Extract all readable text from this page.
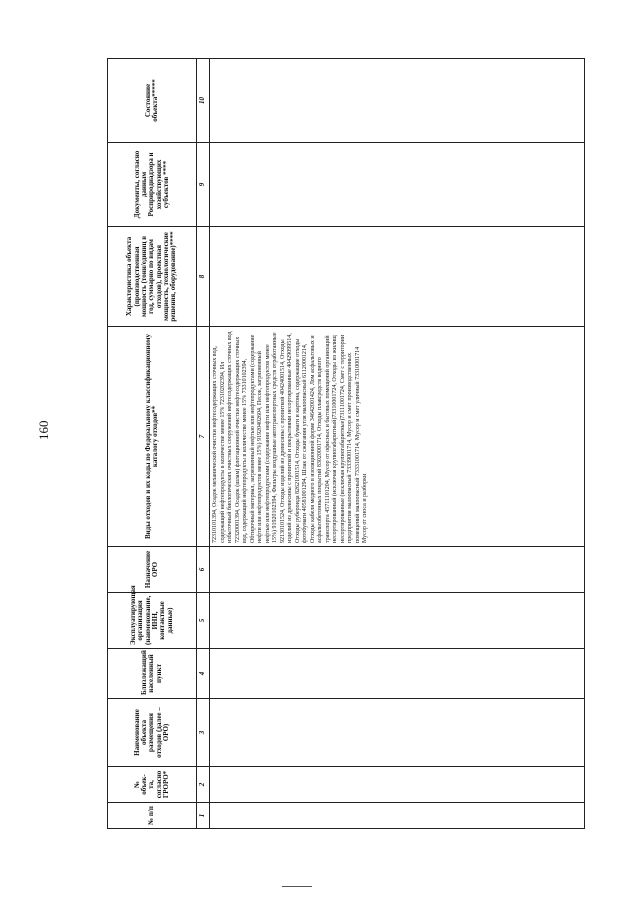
160
№ п/п	№ объек-та, согласно ГРОРО*	Наименование объекта размещения отходов (далее – ОРО)	Близлежащий населенный пункт	Эксплуатирующая организация (наименование, ИНН, контактные данные)	Назначение ОРО	Виды отходов и их коды по Федеральному классификационному каталогу отходов**	Характеристика объекта (производственная мощность (тонн/единиц в год, суммарно по видам отходов), проектная мощность, технологические решения, оборудование)****	Документы, согласно данным Росприроднадзора и хозяйствующих субъектов ****	Состояние объекта*****
1	2	3	4	5	6	7	8	9	10
						72310101394, Осадок механической очистки нефтесодержащих сточных вод, содержащий нефтепродукты в количестве менее 15% 72310202394, Ил избыточный биологических очистных сооружений нефтесодержащих сточных вод 72320001394, Осадок (шлам) флотационной очистки нефтесодержащих сточных вод, содержащий нефтепродукты в количестве менее 15% 73310102394, Обтирочный материал, загрязненный нефтью или нефтепродуктами (содержание нефти или нефтепродуктов менее 15%) 91920402604, Песок, загрязненный нефтью или нефтепродуктами (содержание нефти или нефтепродуктов менее 15%) 91920102394, Фильтры воздушные автотранспортных средств отработанные 92130101524, Отходы изделий из древесины с пропиткой 40424001514, Отходы изделий из древесины с пропиткой и покрытиями несортированные 40429099514, Отходы рубероида 82621001514, Отходы бумаги и картона, содержащие отходы фотобумаги 40581001294, Шлак от сжигания угля малоопасный 61120001214, Отходы кабеля медного в изоляционной форме 34642001424, Лом асфальтовых и асфальтобетонных покрытий 83020001714, Отходы плавсредств водного транспорта 45711101204, Мусор от офисных и бытовых помещений организаций несортированный (исключая крупногабаритный)73310001724, Отходы из жилищ несортированные (исключая крупногабаритные)73111001724, Смет с территории предприятия малоопасный 73339001714, Мусор и смет производственных помещений малоопасный 73331001714, Мусор и смет уличный 73310001714 Мусор от сноса и разборки			
